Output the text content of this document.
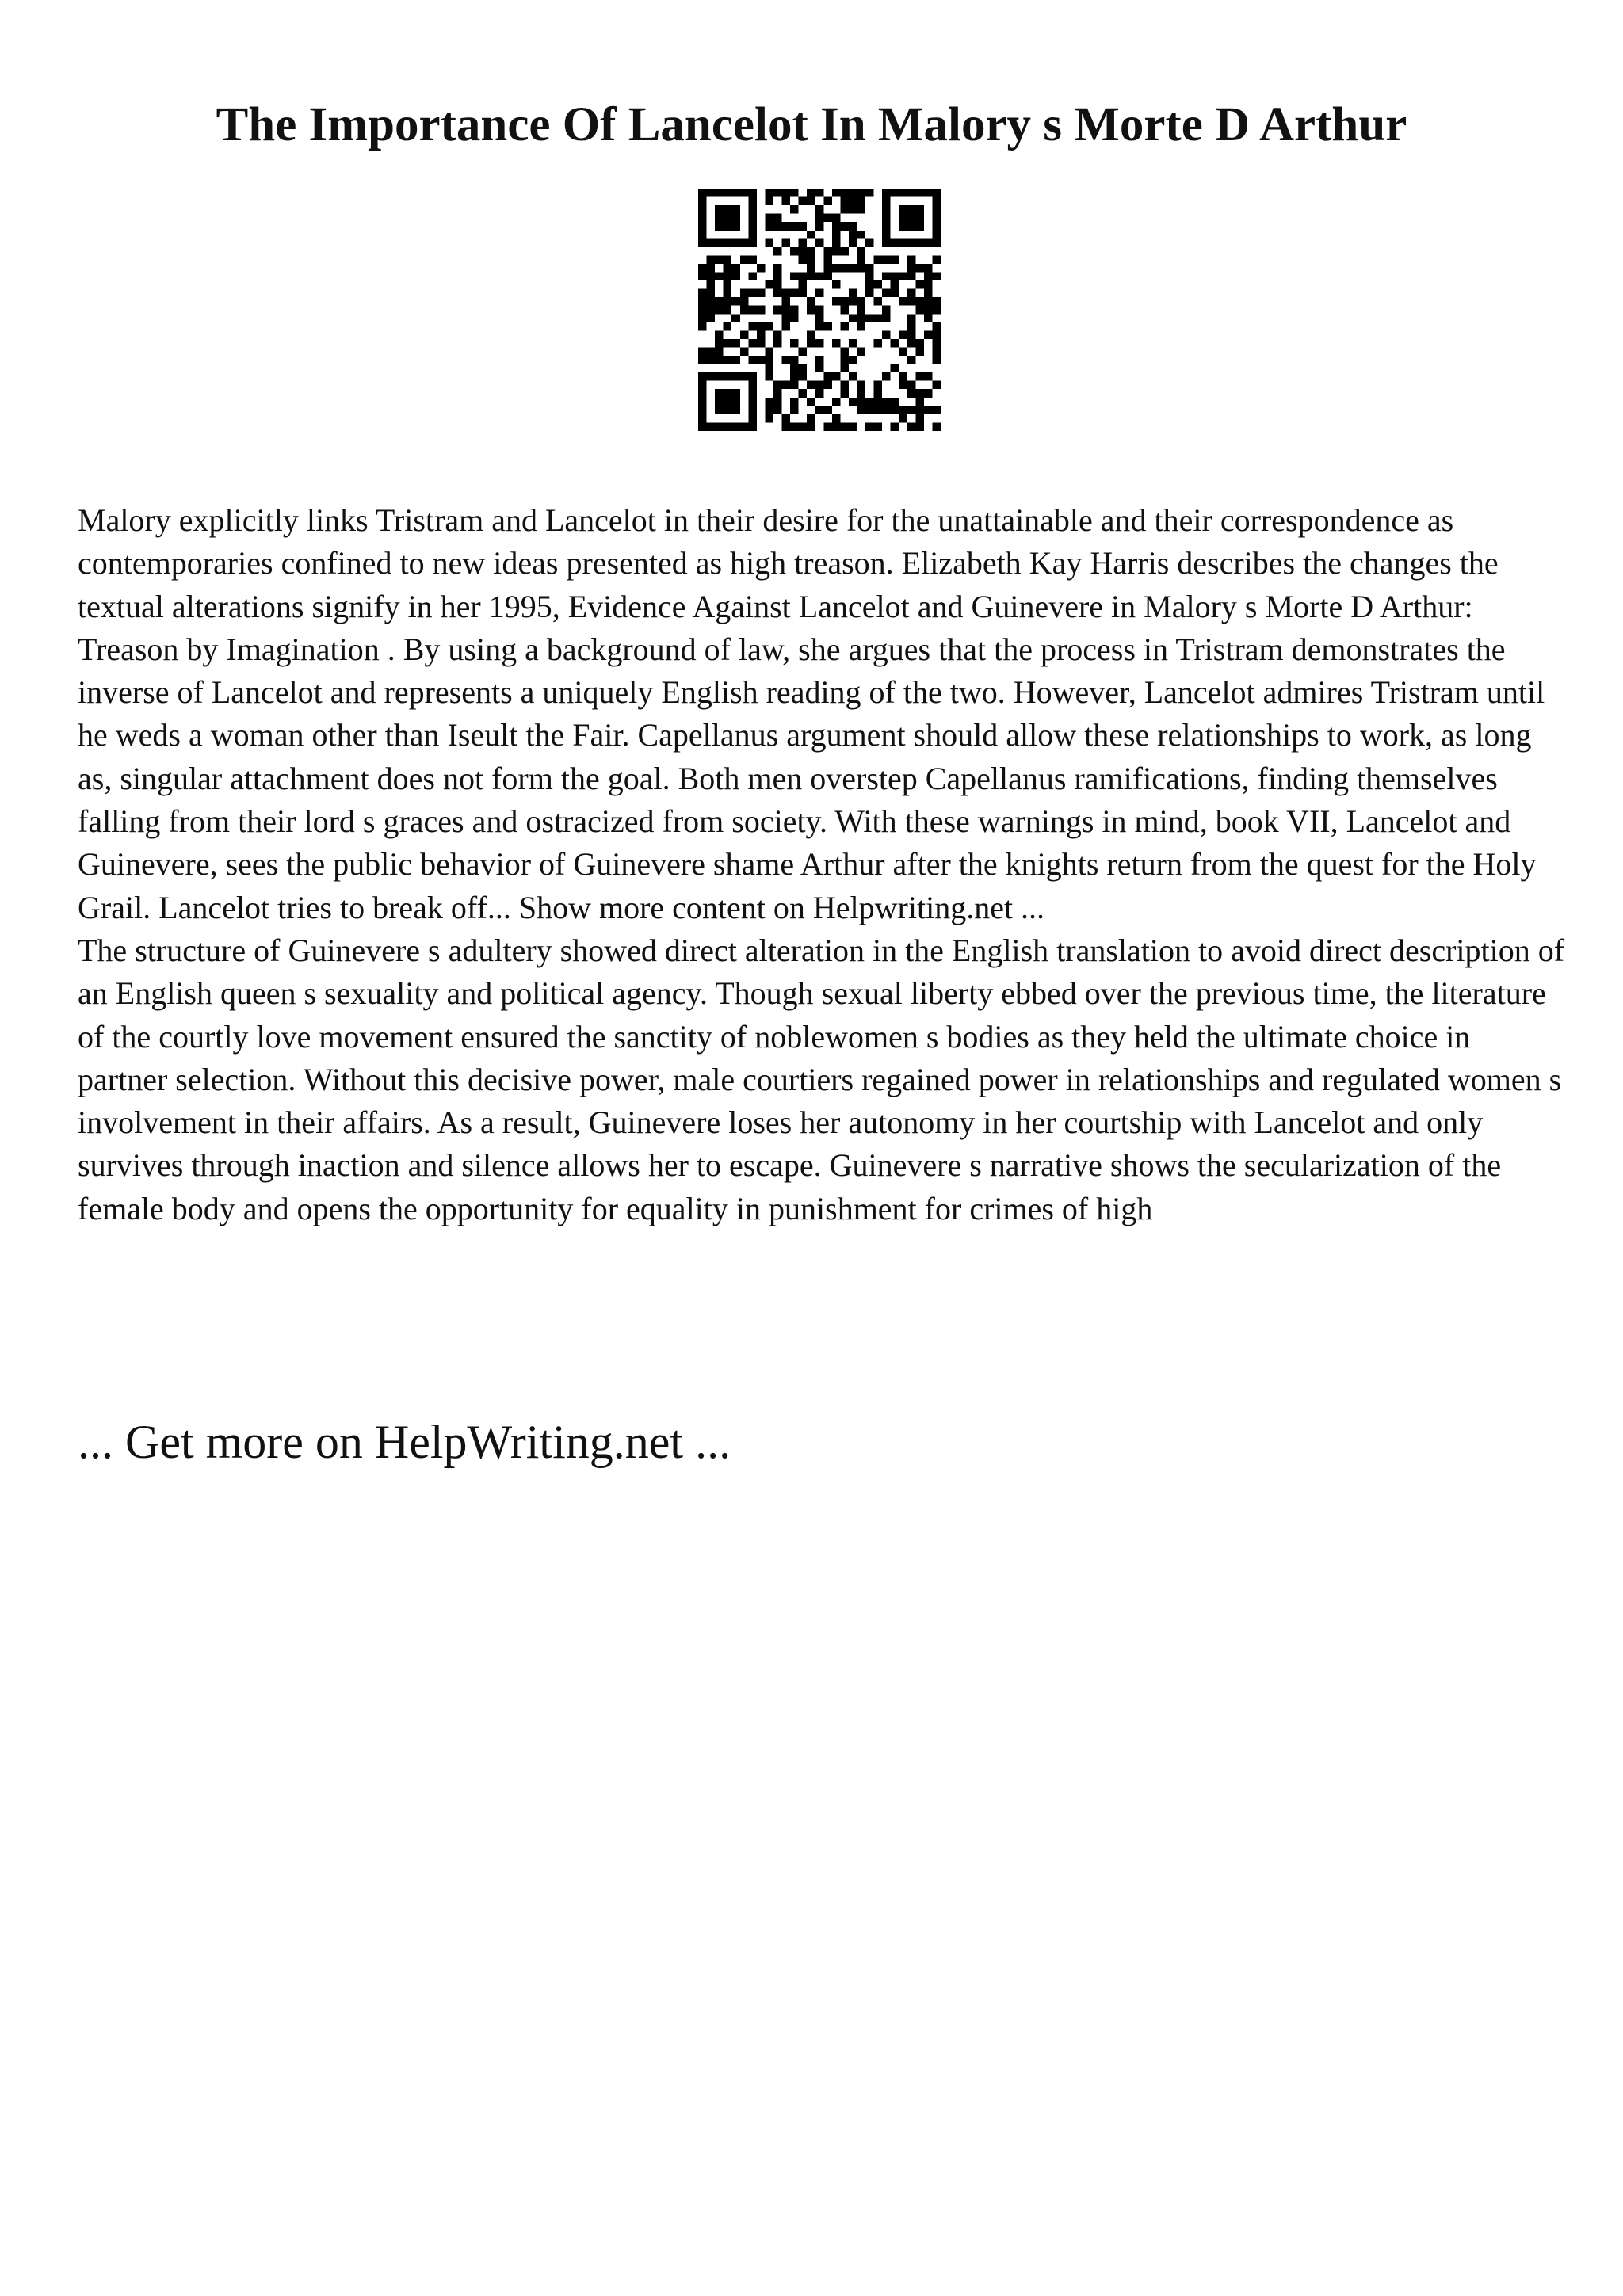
The Importance Of Lancelot In Malory s Morte D Arthur

Malory explicitly links Tristram and Lancelot in their desire for the unattainable and their correspondence as contemporaries confined to new ideas presented as high treason. Elizabeth Kay Harris describes the changes the textual alterations signify in her 1995, Evidence Against Lancelot and Guinevere in Malory s Morte D Arthur: Treason by Imagination . By using a background of law, she argues that the process in Tristram demonstrates the inverse of Lancelot and represents a uniquely English reading of the two. However, Lancelot admires Tristram until he weds a woman other than Iseult the Fair. Capellanus argument should allow these relationships to work, as long as, singular attachment does not form the goal. Both men overstep Capellanus ramifications, finding themselves falling from their lord s graces and ostracized from society. With these warnings in mind, book VII, Lancelot and Guinevere, sees the public behavior of Guinevere shame Arthur after the knights return from the quest for the Holy Grail. Lancelot tries to break off... Show more content on Helpwriting.net ...

The structure of Guinevere s adultery showed direct alteration in the English translation to avoid direct description of an English queen s sexuality and political agency. Though sexual liberty ebbed over the previous time, the literature of the courtly love movement ensured the sanctity of noblewomen s bodies as they held the ultimate choice in partner selection. Without this decisive power, male courtiers regained power in relationships and regulated women s involvement in their affairs. As a result, Guinevere loses her autonomy in her courtship with Lancelot and only survives through inaction and silence allows her to escape. Guinevere s narrative shows the secularization of the female body and opens the opportunity for equality in punishment for crimes of high

... Get more on HelpWriting.net ...
